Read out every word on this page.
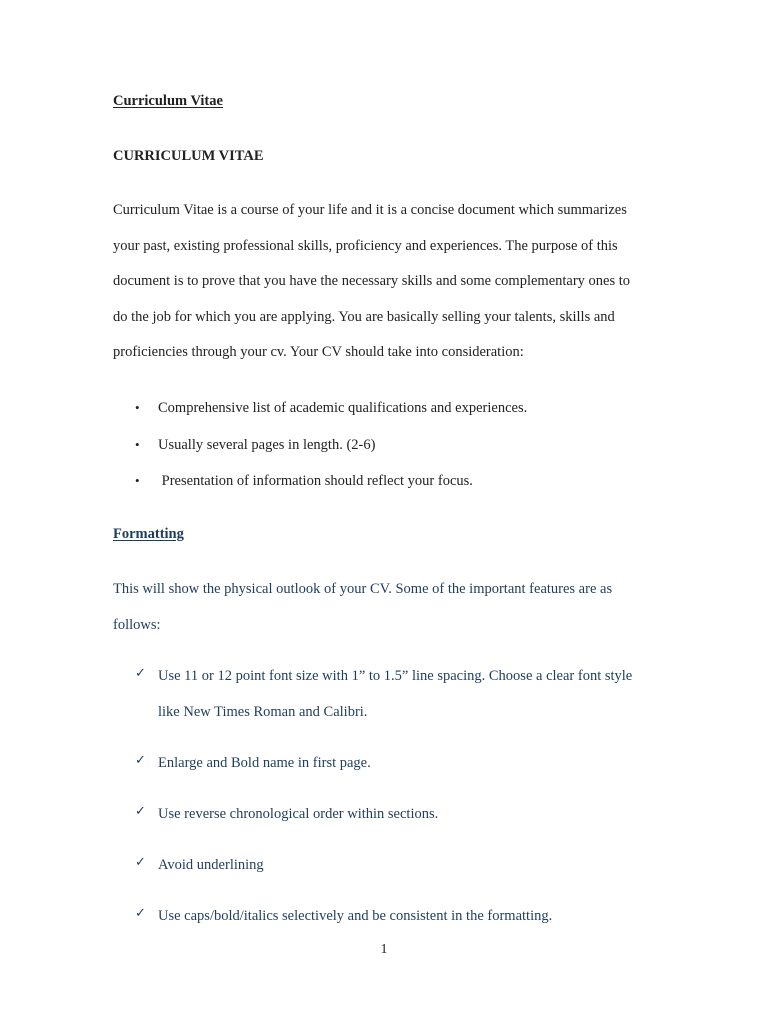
Curriculum Vitae
CURRICULUM VITAE
Curriculum Vitae is a course of your life and it is a concise document which summarizes
your past, existing professional skills, proficiency and experiences. The purpose of this
document is to prove that you have the necessary skills and some complementary ones to
do the job for which you are applying. You are basically selling your talents, skills and
proficiencies through your cv. Your CV should take into consideration:
• Comprehensive list of academic qualifications and experiences.
• Usually several pages in length. (2-6)
• Presentation of information should reflect your focus.
Formatting
This will show the physical outlook of your CV. Some of the important features are as
follows:
✓ Use 11 or 12 point font size with 1” to 1.5” line spacing. Choose a clear font style
like New Times Roman and Calibri.
✓ Enlarge and Bold name in first page.
✓ Use reverse chronological order within sections.
✓ Avoid underlining
✓ Use caps/bold/italics selectively and be consistent in the formatting.
1
